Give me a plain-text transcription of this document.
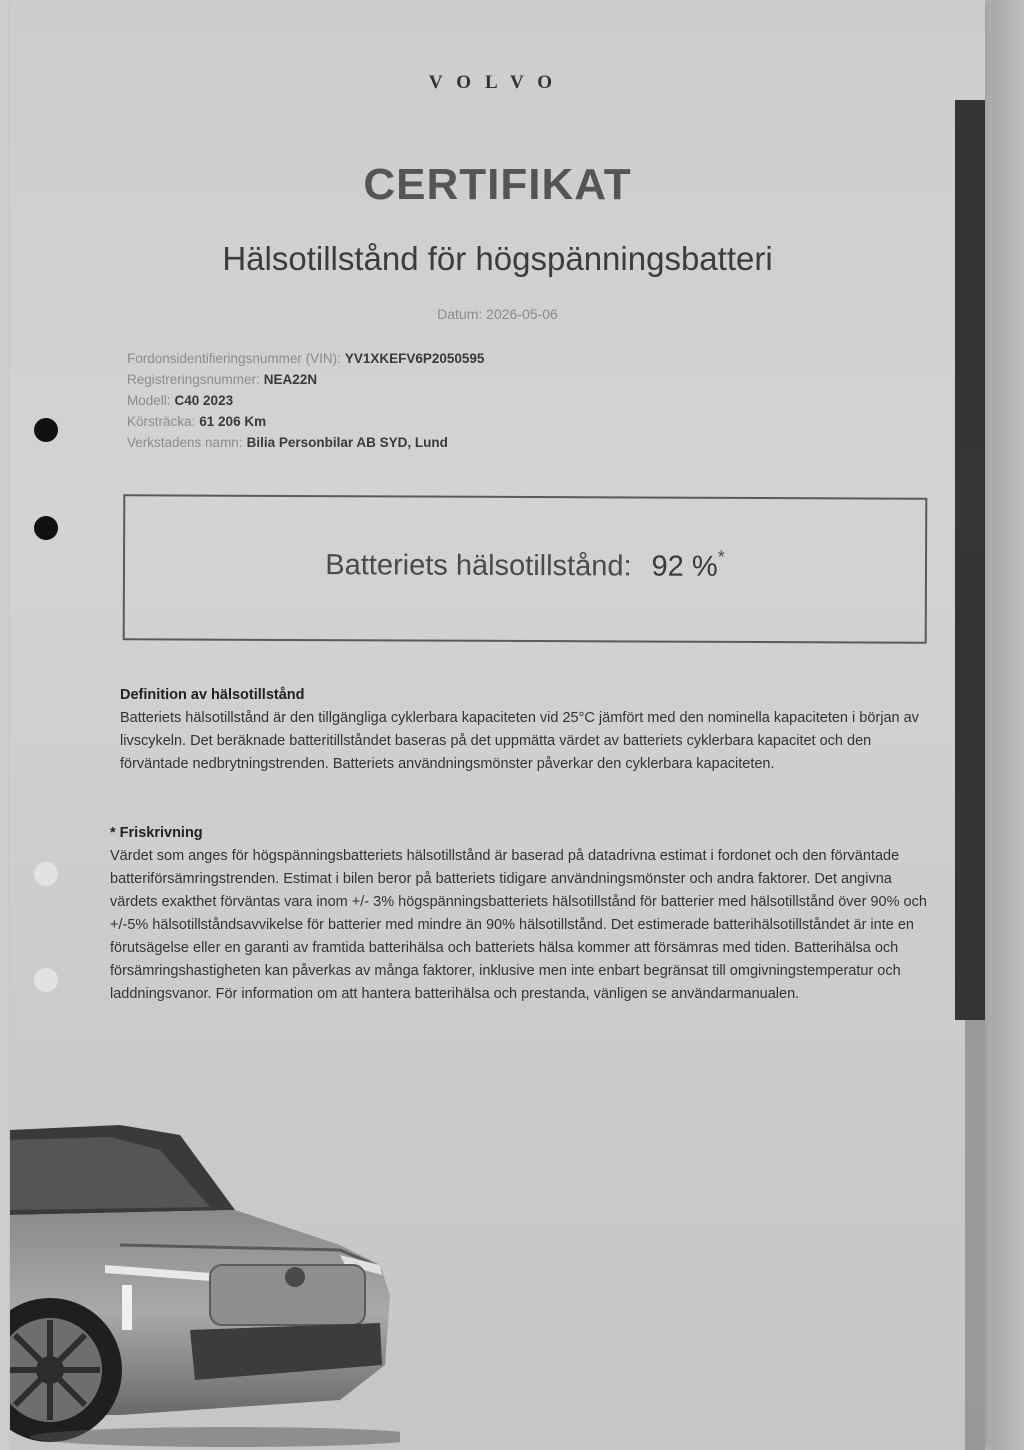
VOLVO
CERTIFIKAT
Hälsotillstånd för högspänningsbatteri
Datum: 2026-05-06
Fordonsidentifieringsnummer (VIN): YV1XKEFV6P2050595
Registreringsnummer: NEA22N
Modell: C40 2023
Körsträcka: 61 206 Km
Verkstadens namn: Bilia Personbilar AB SYD, Lund
Batteriets hälsotillstånd: 92 %*
Definition av hälsotillstånd

Batteriets hälsotillstånd är den tillgängliga cyklerbara kapaciteten vid 25°C jämfört med den nominella kapaciteten i början av livscykeln. Det beräknade batteritillståndet baseras på det uppmätta värdet av batteriets cyklerbara kapacitet och den förväntade nedbrytningstrenden. Batteriets användningsmönster påverkar den cyklerbara kapaciteten.

* Friskrivning

Värdet som anges för högspänningsbatteriets hälsotillstånd är baserad på datadrivna estimat i fordonet och den förväntade batteriförsämringstrenden. Estimat i bilen beror på batteriets tidigare användningsmönster och andra faktorer. Det angivna värdets exakthet förväntas vara inom +/- 3% högspänningsbatteriets hälsotillstånd för batterier med hälsotillstånd över 90% och +/-5% hälsotillståndsavvikelse för batterier med mindre än 90% hälsotillstånd. Det estimerade batterihälsotillståndet är inte en förutsägelse eller en garanti av framtida batterihälsa och batteriets hälsa kommer att försämras med tiden. Batterihälsa och försämringshastigheten kan påverkas av många faktorer, inklusive men inte enbart begränsat till omgivningstemperatur och laddningsvanor. För information om att hantera batterihälsa och prestanda, vänligen se användarmanualen.
